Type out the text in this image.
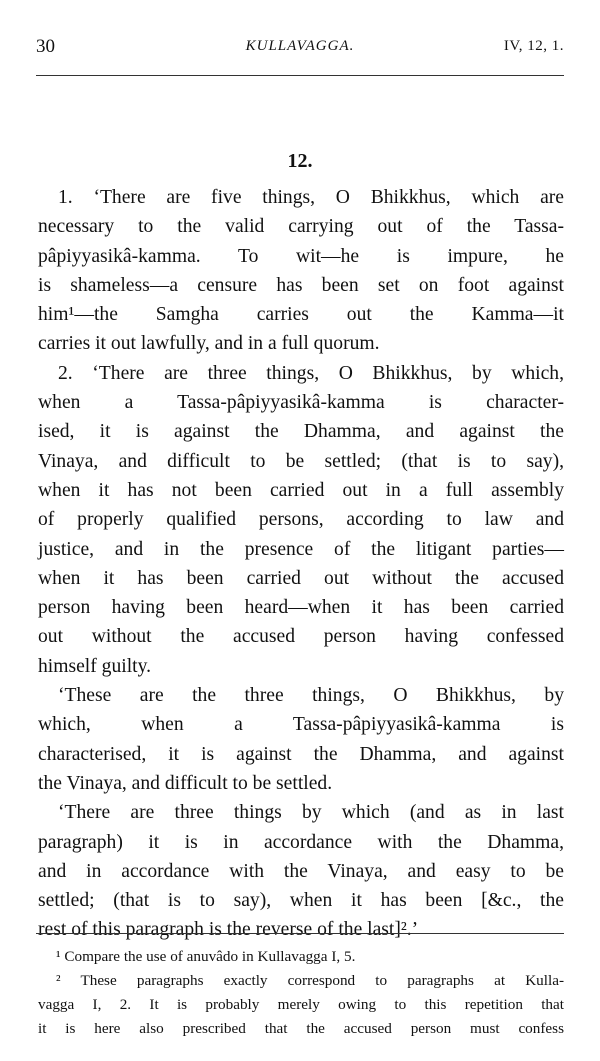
30	KULLAVAGGA.	IV, 12, 1.
12.
1. ‘There are five things, O Bhikkhus, which are
necessary to the valid carrying out of the Tassa-
pâpiyyasikâ-kamma. To wit—he is impure, he
is shameless—a censure has been set on foot against
him¹—the Samgha carries out the Kamma—it
carries it out lawfully, and in a full quorum.
2. ‘There are three things, O Bhikkhus, by which,
when a Tassa-pâpiyyasikâ-kamma is character-
ised, it is against the Dhamma, and against the
Vinaya, and difficult to be settled; (that is to say),
when it has not been carried out in a full assembly
of properly qualified persons, according to law and
justice, and in the presence of the litigant parties—
when it has been carried out without the accused
person having been heard—when it has been carried
out without the accused person having confessed
himself guilty.
‘These are the three things, O Bhikkhus, by
which, when a Tassa-pâpiyyasikâ-kamma is
characterised, it is against the Dhamma, and against
the Vinaya, and difficult to be settled.
‘There are three things by which (and as in last
paragraph) it is in accordance with the Dhamma,
and in accordance with the Vinaya, and easy to be
settled; (that is to say), when it has been [&c., the
rest of this paragraph is the reverse of the last]².’
¹ Compare the use of anuvâdo in Kullavagga I, 5.
² These paragraphs exactly correspond to paragraphs at Kulla-
vagga I, 2. It is probably merely owing to this repetition that
it is here also prescribed that the accused person must confess
